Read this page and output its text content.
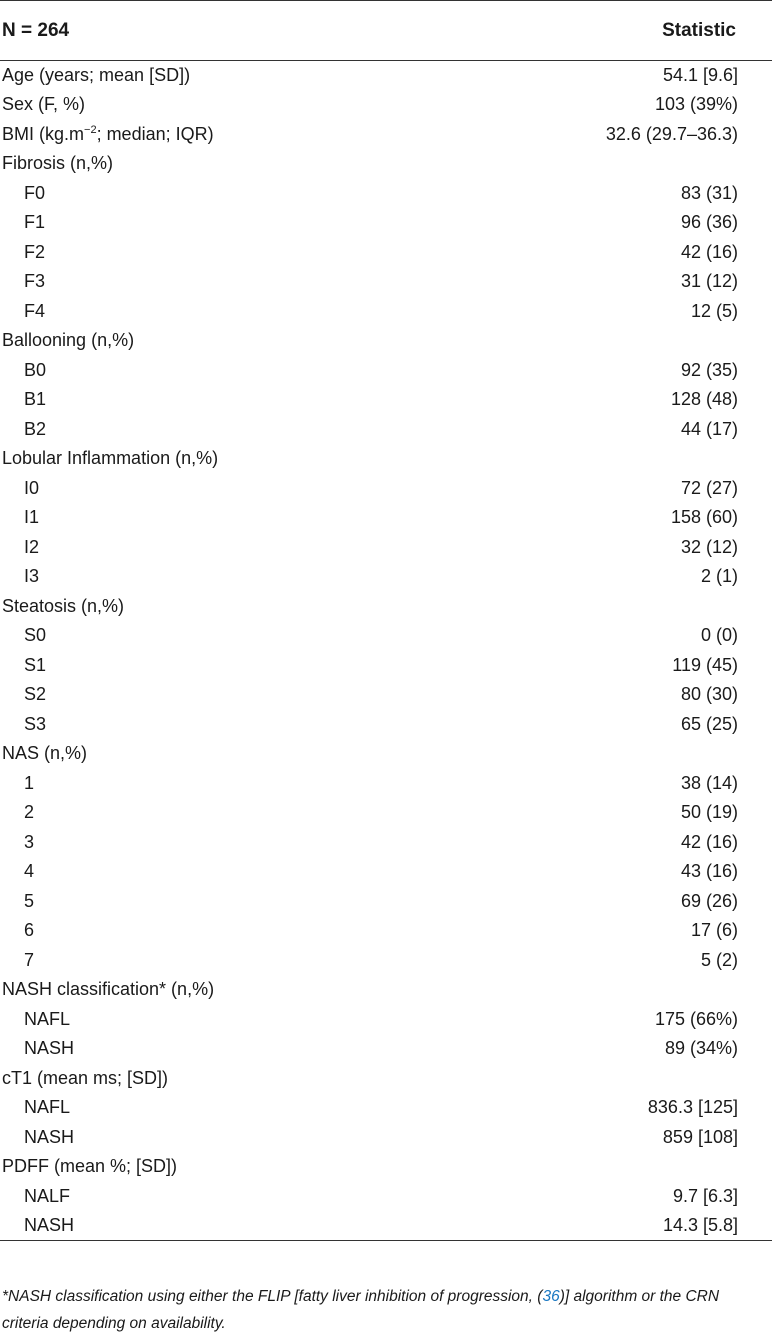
N = 264	Statistic
Age (years; mean [SD])	54.1 [9.6]
Sex (F, %)	103 (39%)
BMI ($kg.m^{-2}$; median; IQR)	32.6 (29.7–36.3)
Fibrosis (n,%)	
F0	83 (31)
F1	96 (36)
F2	42 (16)
F3	31 (12)
F4	12 (5)
Ballooning (n,%)	
B0	92 (35)
B1	128 (48)
B2	44 (17)
Lobular Inflammation (n,%)	
I0	72 (27)
I1	158 (60)
I2	32 (12)
I3	2 (1)
Steatosis (n,%)	
S0	0 (0)
S1	119 (45)
S2	80 (30)
S3	65 (25)
NAS (n,%)	
1	38 (14)
2	50 (19)
3	42 (16)
4	43 (16)
5	69 (26)
6	17 (6)
7	5 (2)
NASH classification* (n,%)	
NAFL	175 (66%)
NASH	89 (34%)
cT1 (mean ms; [SD])	
NAFL	836.3 [125]
NASH	859 [108]
PDFF (mean %; [SD])	
NALF	9.7 [6.3]
NASH	14.3 [5.8]
*NASH classification using either the FLIP [fatty liver inhibition of progression, (36)] algorithm or the CRN criteria depending on availability.
